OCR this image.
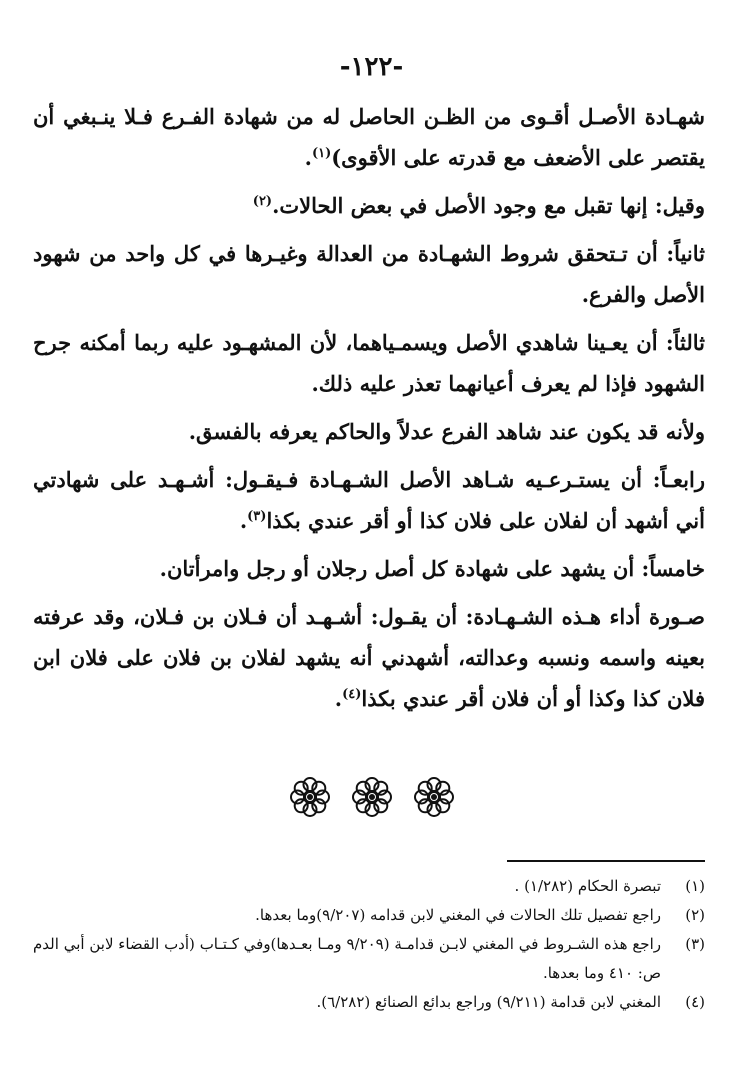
-١٢٢-

شهـادة الأصـل أقـوى من الظـن الحاصل له من شهادة الفـرع فـلا ينـبغي أن يقتصر على الأضعف مع قدرته على الأقوى)$^{(١)}$.

وقيل: إنها تقبل مع وجود الأصل في بعض الحالات.$^{(٢)}$

ثانياً: أن تـتحقق شروط الشهـادة من العدالة وغيـرها في كل واحد من شهود الأصل والفرع.

ثالثاً: أن يعـينا شاهدي الأصل ويسمـياهما، لأن المشهـود عليه ربما أمكنه جرح الشهود فإذا لم يعرف أعيانهما تعذر عليه ذلك.

ولأنه قد يكون عند شاهد الفرع عدلاً والحاكم يعرفه بالفسق.

رابعـاً: أن يستـرعـيه شـاهد الأصل الشـهـادة فـيقـول: أشـهـد على شهادتي أني أشهد أن لفلان على فلان كذا أو أقر عندي بكذا$^{(٣)}$.

خامساً: أن يشهد على شهادة كل أصل رجلان أو رجل وامرأتان.

صـورة أداء هـذه الشـهـادة: أن يقـول: أشـهـد أن فـلان بن فـلان، وقد عرفته بعينه واسمه ونسبه وعدالته، أشهدني أنه يشهد لفلان بن فلان على فلان ابن فلان كذا وكذا أو أن فلان أقر عندي بكذا$^{(٤)}$.

(١)
تبصرة الحكام (١/٢٨٢) .
(٢)
راجع تفصيل تلك الحالات في المغني لابن قدامه (٩/٢٠٧)وما بعدها.
(٣)
راجع هذه الشـروط في المغني لابـن قدامـة (٩/٢٠٩ ومـا بعـدها)وفي كـتـاب (أدب القضاء لابن أبي الدم ص: ٤١٠ وما بعدها.
(٤)
المغني لابن قدامة (٩/٢١١) وراجع بدائع الصنائع (٦/٢٨٢).
